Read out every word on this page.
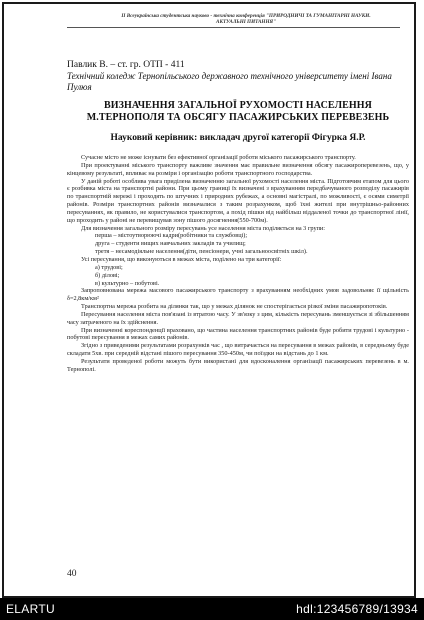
ІІ Всеукраїнська студентська науково - технічна конференція "ПРИРОДНИЧІ ТА ГУМАНІТАРНІ НАУКИ.
АКТУАЛЬНІ ПИТАННЯ"
Павлик В. – ст. гр. ОТП - 411
Технічний коледж Тернопільського державного технічного університету імені Івана Пулюя
ВИЗНАЧЕННЯ ЗАГАЛЬНОЇ РУХОМОСТІ НАСЕЛЕННЯ
М.ТЕРНОПОЛЯ ТА ОБСЯГУ ПАСАЖИРСЬКИХ ПЕРЕВЕЗЕНЬ
Науковий керівник: викладач другої категорії Фігурка Я.Р.

Сучасне місто не може існувати без ефективної організації роботи міського пасажирського транспорту.

При проектуванні міського транспорту важливе значення має правильне визначення обсягу пасажироперевезень, що, у кінцевому результаті, впливає на розміри і організацію роботи транспортного господарства.

У даній роботі особлива увага приділена визначенню загальної рухомості населення міста. Підготовчим етапом для цього є розбивка міста на транспортні райони. При цьому границі їх визначені з врахуванням передбачуваного розподілу пасажирів по транспортній мережі і проходять по штучних і природних рубежах, а основні магістралі, по можливості, є осями симетрії районів. Розміри транспортних районів визначалися з таким розрахунком, щоб їхні жителі при внутрішньо-районних пересуваннях, як правило, не користувалися транспортом, а похід пішки від найбільш віддаленої точки до транспортної лінії, що проходить у районі не перевищував зону пішого досягнення(550-700м).

Для визначення загального розміру пересувань усе населення міста поділяється на 3 групи:

перша – містоутворюючі кадри(робітники та службовці);

друга – студенти вищих навчальних закладів та училищ;

третя – несамодіяльне населення(діти, пенсіонери, учні загальноосвітніх шкіл).

Усі пересування, що виконуються в межах міста, поділено на три категорії:

а) трудові;

б) ділові;

в) культурно – побутові.

Запроповнована мережа масового пасажирського транспорту з врахуванням необхідних умов задовольняє її щільність δ=2,8км/км²

Транспортна мережа розбита на ділянки так, що у межах ділянок не спостерігається різкої зміни пасажиропотоків.

Пересування населення міста пов'язані із втратою часу. У зв'язку з цим, кількість пересувань зменшується зі збільшенням часу затраченого на їх здійснення.

При визначенні кореспонденції враховано, що частина населення транспортних районів буде робити трудові і культурно - побутові пересування в межах самих районів.

Згідно з приведеними результатами розрахунків час , що витрачається на пересування в межах районів, в середньому буде складати 5хв. при середній відстані пішого пересування 350-450м, чи поїздки на відстань до 1 км.

Результати проведеної роботи можуть бути використані для вдосконалення організації пасажирських перевезень в м. Тернополі.

40
ELARTU	hdl:123456789/13934
